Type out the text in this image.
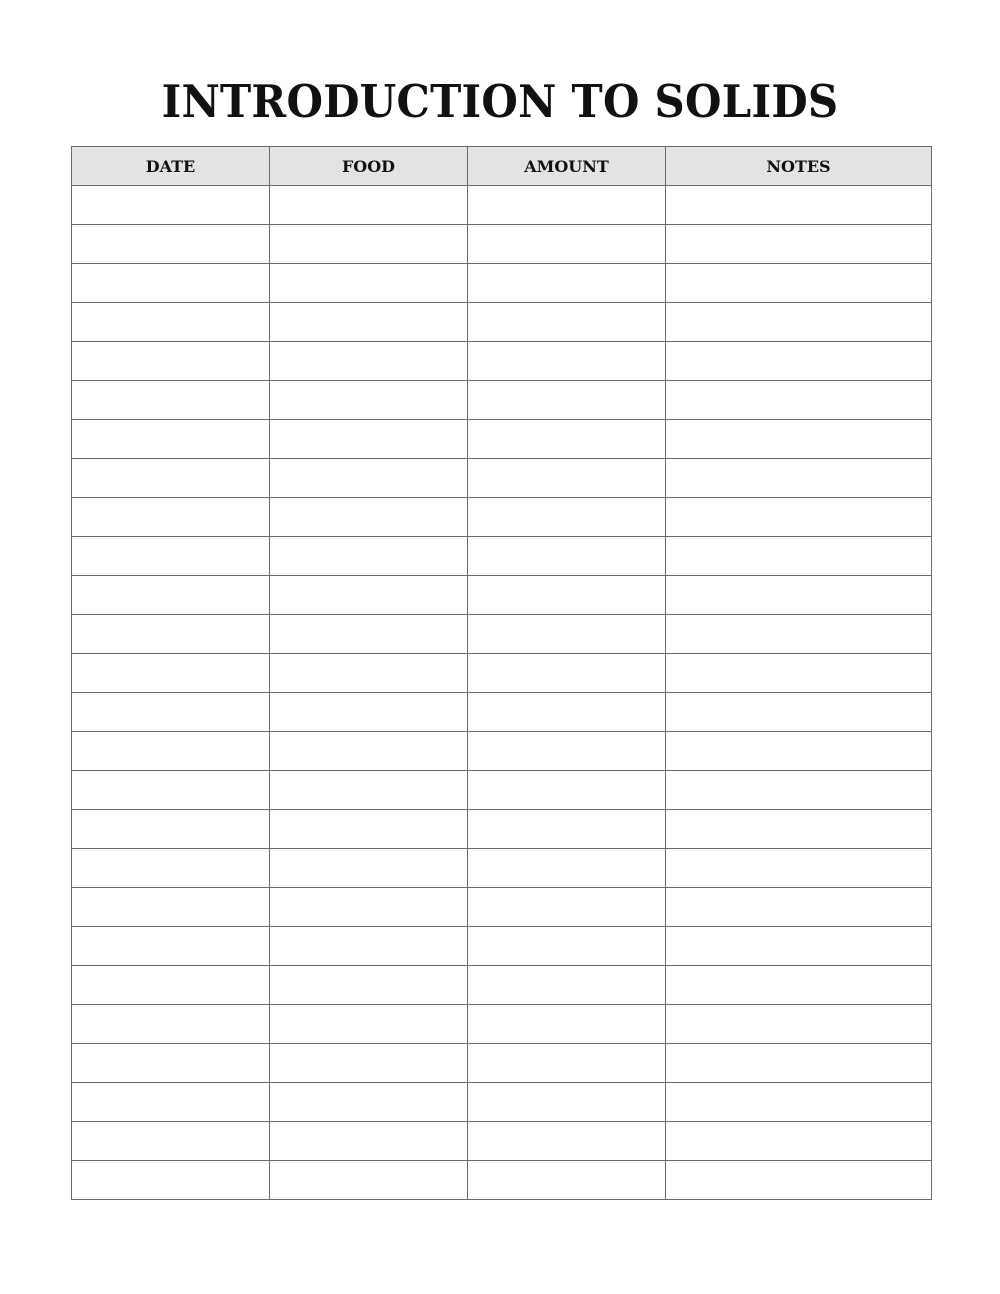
INTRODUCTION TO SOLIDS
DATE	FOOD	AMOUNT	NOTES
